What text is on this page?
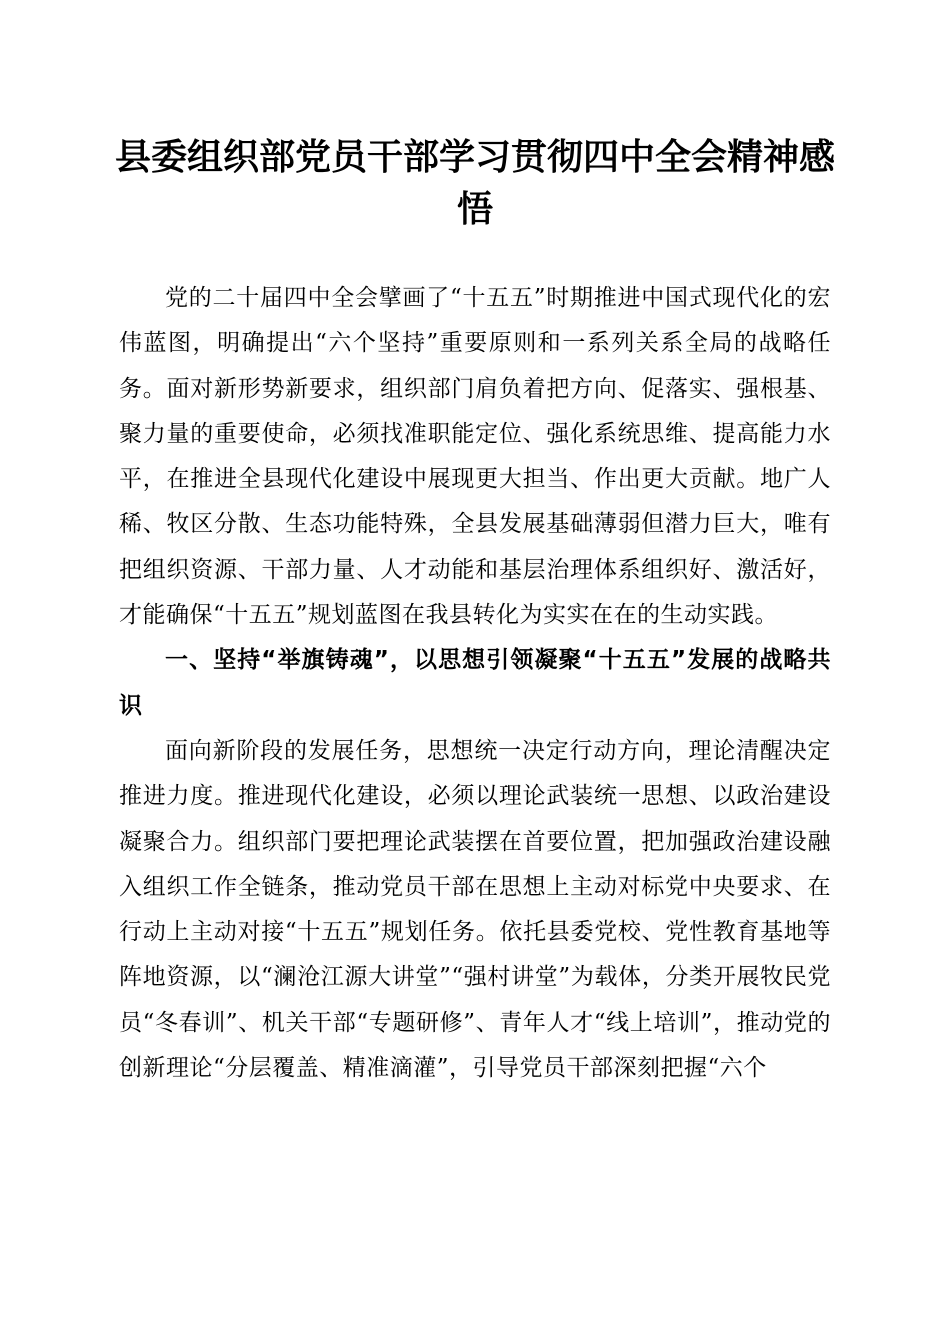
县委组织部党员干部学习贯彻四中全会精神感悟

党的二十届四中全会擘画了“十五五”时期推进中国式现代化的宏伟蓝图，明确提出“六个坚持”重要原则和一系列关系全局的战略任务。面对新形势新要求，组织部门肩负着把方向、促落实、强根基、聚力量的重要使命，必须找准职能定位、强化系统思维、提高能力水平，在推进全县现代化建设中展现更大担当、作出更大贡献。地广人稀、牧区分散、生态功能特殊，全县发展基础薄弱但潜力巨大，唯有把组织资源、干部力量、人才动能和基层治理体系组织好、激活好，才能确保“十五五”规划蓝图在我县转化为实实在在的生动实践。

一、坚持“举旗铸魂”，以思想引领凝聚“十五五”发展的战略共识

面向新阶段的发展任务，思想统一决定行动方向，理论清醒决定推进力度。推进现代化建设，必须以理论武装统一思想、以政治建设凝聚合力。组织部门要把理论武装摆在首要位置，把加强政治建设融入组织工作全链条，推动党员干部在思想上主动对标党中央要求、在行动上主动对接“十五五”规划任务。依托县委党校、党性教育基地等阵地资源，以“澜沧江源大讲堂”“强村讲堂”为载体，分类开展牧民党员“冬春训”、机关干部“专题研修”、青年人才“线上培训”，推动党的创新理论“分层覆盖、精准滴灌”，引导党员干部深刻把握“六个
